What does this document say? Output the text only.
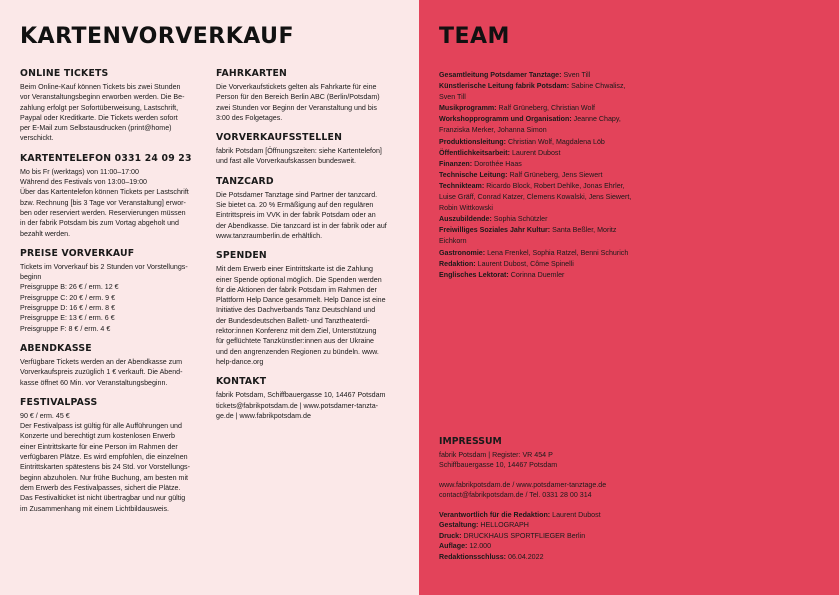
KARTENVORVERKAUF	TEAM
ONLINE TICKETS
Beim Online-Kauf können Tickets bis zwei Stunden
vor Veranstaltungsbeginn erworben werden. Die Be-
zahlung erfolgt per Sofortüberweisung, Lastschrift,
Paypal oder Kreditkarte. Die Tickets werden sofort
per E-Mail zum Selbstausdrucken (print@home)
verschickt.
KARTENTELEFON 0331 24 09 23
Mo bis Fr (werktags) von 11:00–17:00
Während des Festivals von 13:00–19:00
Über das Kartentelefon können Tickets per Lastschrift
bzw. Rechnung [bis 3 Tage vor Veranstaltung] erwor-
ben oder reserviert werden. Reservierungen müssen
in der fabrik Potsdam bis zum Vortag abgeholt und
bezahlt werden.
PREISE VORVERKAUF
Tickets im Vorverkauf bis 2 Stunden vor Vorstellungs-
beginn
Preisgruppe B: 26 € / erm. 12 €
Preisgruppe C: 20 € / erm. 9 €
Preisgruppe D: 16 € / erm. 8 €
Preisgruppe E: 13 € / erm. 6 €
Preisgruppe F: 8 € / erm. 4 €
ABENDKASSE
Verfügbare Tickets werden an der Abendkasse zum
Vorverkaufspreis zuzüglich 1 € verkauft. Die Abend-
kasse öffnet 60 Min. vor Veranstaltungsbeginn.
FESTIVALPASS
90 € / erm. 45 €
Der Festivalpass ist gültig für alle Aufführungen und
Konzerte und berechtigt zum kostenlosen Erwerb
einer Eintrittskarte für eine Person im Rahmen der
verfügbaren Plätze. Es wird empfohlen, die einzelnen
Eintrittskarten spätestens bis 24 Std. vor Vorstellungs-
beginn abzuholen. Nur frühe Buchung, am besten mit
dem Erwerb des Festivalpasses, sichert die Plätze.
Das Festivalticket ist nicht übertragbar und nur gültig
im Zusammenhang mit einem Lichtbildausweis.
FAHRKARTEN
Die Vorverkaufstickets gelten als Fahrkarte für eine
Person für den Bereich Berlin ABC (Berlin/Potsdam)
zwei Stunden vor Beginn der Veranstaltung und bis
3:00 des Folgetages.
VORVERKAUFSSTELLEN
fabrik Potsdam [Öffnungszeiten: siehe Kartentelefon]
und fast alle Vorverkaufskassen bundesweit.
TANZCARD
Die Potsdamer Tanztage sind Partner der tanzcard.
Sie bietet ca. 20 % Ermäßigung auf den regulären
Eintrittspreis im VVK in der fabrik Potsdam oder an
der Abendkasse. Die tanzcard ist in der fabrik oder auf
www.tanzraumberlin.de erhältlich.
SPENDEN
Mit dem Erwerb einer Eintrittskarte ist die Zahlung
einer Spende optional möglich. Die Spenden werden
für die Aktionen der fabrik Potsdam im Rahmen der
Plattform Help Dance gesammelt. Help Dance ist eine
Initiative des Dachverbands Tanz Deutschland und
der Bundesdeutschen Ballett- und Tanztheaterdi-
rektor:innen Konferenz mit dem Ziel, Unterstützung
für geflüchtete Tanzkünstler:innen aus der Ukraine
und den angrenzenden Regionen zu bündeln. www.
help-dance.org
KONTAKT
fabrik Potsdam, Schiffbauergasse 10, 14467 Potsdam
tickets@fabrikpotsdam.de | www.potsdamer-tanzta-
ge.de | www.fabrikpotsdam.de
Gesamtleitung Potsdamer Tanztage: Sven Till
Künstlerische Leitung fabrik Potsdam: Sabine Chwalisz, Sven Till
Musikprogramm: Ralf Grüneberg, Christian Wolf
Workshopprogramm und Organisation: Jeanne Chapy, Franziska Merker, Johanna Simon
Produktionsleitung: Christian Wolf, Magdalena Löb
Öffentlichkeitsarbeit: Laurent Dubost
Finanzen: Dorothée Haas
Technische Leitung: Ralf Grüneberg, Jens Siewert
Technikteam: Ricardo Block, Robert Dehlke, Jonas Ehrler, Luise Gräff, Conrad Katzer, Clemens Kowalski, Jens Siewert, Robin Wittkowski
Auszubildende: Sophia Schützler
Freiwilliges Soziales Jahr Kultur: Santa Beßler, Moritz Eichkorn
Gastronomie: Lena Frenkel, Sophia Ratzel, Benni Schurich
Redaktion: Laurent Dubost, Côme Spinelli
Englisches Lektorat: Corinna Duemler
IMPRESSUM
fabrik Potsdam | Register: VR 454 P
Schiffbauergasse 10, 14467 Potsdam
www.fabrikpotsdam.de / www.potsdamer-tanztage.de
contact@fabrikpotsdam.de / Tel. 0331 28 00 314
Verantwortlich für die Redaktion: Laurent Dubost
Gestaltung: HELLOGRAPH
Druck: DRUCKHAUS SPORTFLIEGER Berlin
Auflage: 12.000
Redaktionsschluss: 06.04.2022
